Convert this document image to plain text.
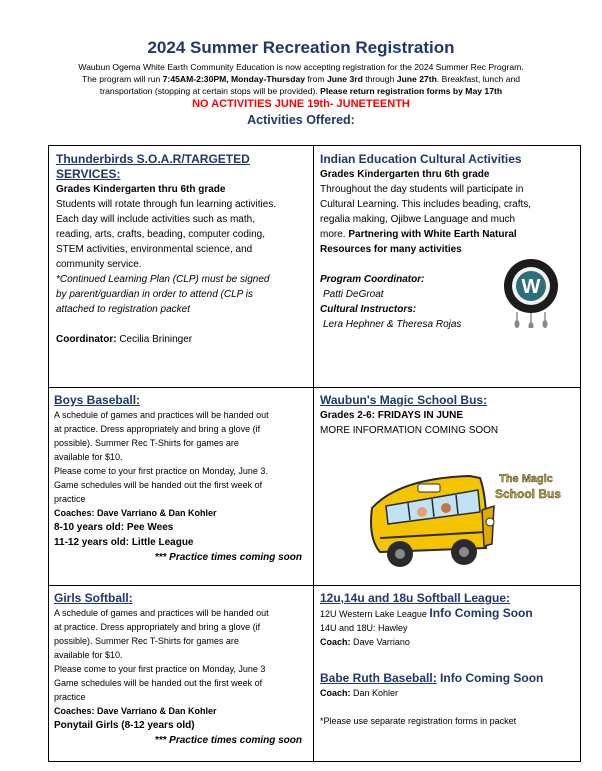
2024 Summer Recreation Registration
Waubun Ogema White Earth Community Education is now accepting registration for the 2024 Summer Rec Program.
The program will run 7:45AM-2:30PM, Monday-Thursday from June 3rd through June 27th. Breakfast, lunch and
transportation (stopping at certain stops will be provided). Please return registration forms by May 17th
NO ACTIVITIES JUNE 19th- JUNETEENTH
Activities Offered:
Thunderbirds S.O.A.R/TARGETED
SERVICES:

Grades Kindergarten thru 6th grade

Students will rotate through fun learning activities.

Each day will include activities such as math,

reading, arts, crafts, beading, computer coding,

STEM activities, environmental science, and

community service.

*Continued Learning Plan (CLP) must be signed

by parent/guardian in order to attend (CLP is

attached to registration packet

Coordinator: Cecilia Brininger

Indian Education Cultural Activities

Grades Kindergarten thru 6th grade

Throughout the day students will participate in

Cultural Learning. This includes beading, crafts,

regalia making, Ojibwe Language and much

more. Partnering with White Earth Natural

Resources for many activities

Program Coordinator:

Patti DeGroat

Cultural Instructors:

Lera Hephner & Theresa Rojas

W
Boys Baseball:

A schedule of games and practices will be handed out

at practice. Dress appropriately and bring a glove (if

possible). Summer Rec T-Shirts for games are

available for $10.

Please come to your first practice on Monday, June 3.

Game schedules will be handed out the first week of

practice

Coaches: Dave Varriano & Dan Kohler

8-10 years old: Pee Wees

11-12 years old: Little League

*** Practice times coming soon

Waubun's Magic School Bus:

Grades 2-6: FRIDAYS IN JUNE

MORE INFORMATION COMING SOON

Girls Softball:

A schedule of games and practices will be handed out

at practice. Dress appropriately and bring a glove (if

possible). Summer Rec T-Shirts for games are

available for $10.

Please come to your first practice on Monday, June 3

Game schedules will be handed out the first week of

practice

Coaches: Dave Varriano & Dan Kohler

Ponytail Girls (8-12 years old)

*** Practice times coming soon

12u,14u and 18u Softball League:

12U Western Lake League Info Coming Soon

14U and 18U: Hawley

Coach: Dave Varriano

Babe Ruth Baseball: Info Coming Soon

Coach: Dan Kohler

*Please use separate registration forms in packet

The Magic
School Bus
